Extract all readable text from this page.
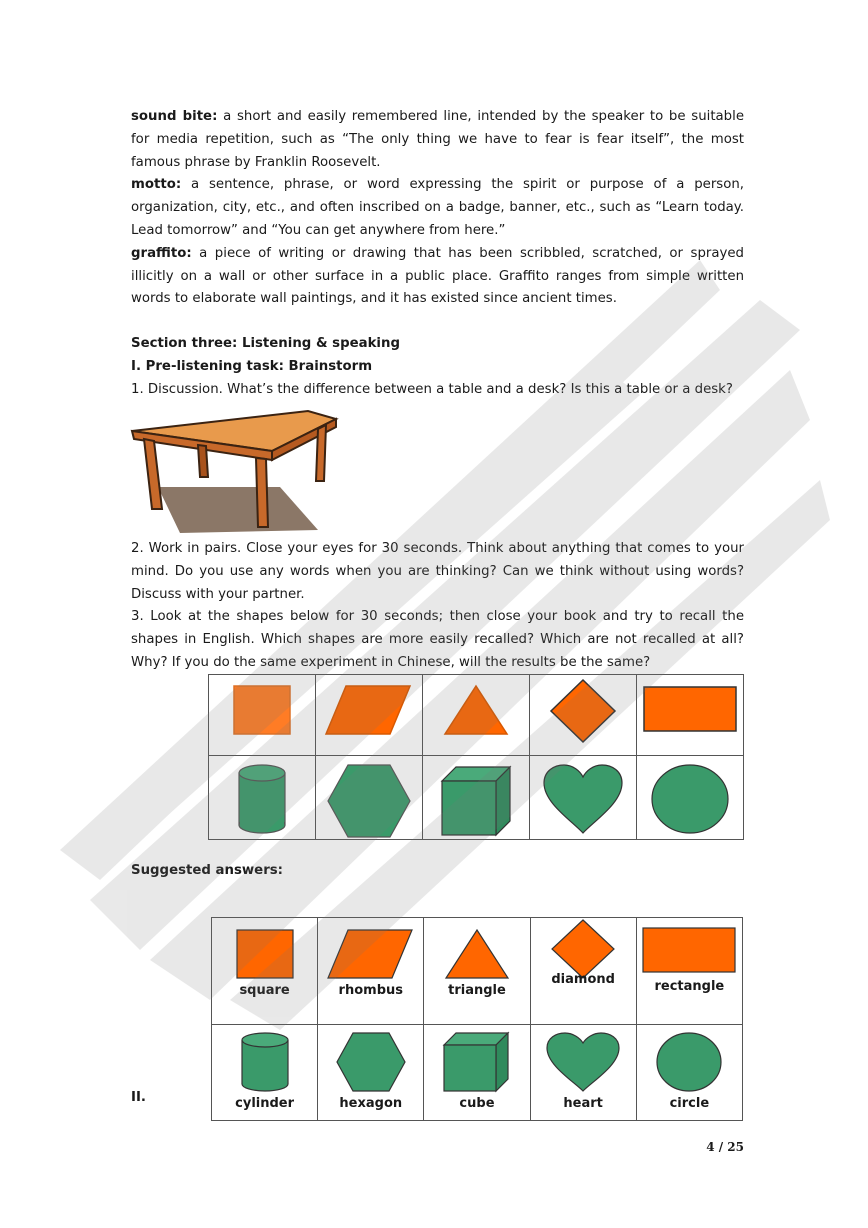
sound bite: a short and easily remembered line, intended by the speaker to be suitable for media repetition, such as “The only thing we have to fear is fear itself”, the most famous phrase by Franklin Roosevelt.

motto: a sentence, phrase, or word expressing the spirit or purpose of a person, organization, city, etc., and often inscribed on a badge, banner, etc., such as “Learn today. Lead tomorrow” and “You can get anywhere from here.”

graffito: a piece of writing or drawing that has been scribbled, scratched, or sprayed illicitly on a wall or other surface in a public place. Graffito ranges from simple written words to elaborate wall paintings, and it has existed since ancient times.

Section three: Listening & speaking

I. Pre-listening task: Brainstorm

1. Discussion. What’s the difference between a table and a desk? Is this a table or a desk?

2. Work in pairs. Close your eyes for 30 seconds. Think about anything that comes to your mind. Do you use any words when you are thinking? Can we think without using words? Discuss with your partner.

3. Look at the shapes below for 30 seconds; then close your book and try to recall the shapes in English. Which shapes are more easily recalled? Which are not recalled at all? Why? If you do the same experiment in Chinese, will the results be the same?

Suggested answers:
square	rhombus	triangle	diamond	rectangle

cylinder	hexagon	cube	heart	circle
II.
4 / 25
